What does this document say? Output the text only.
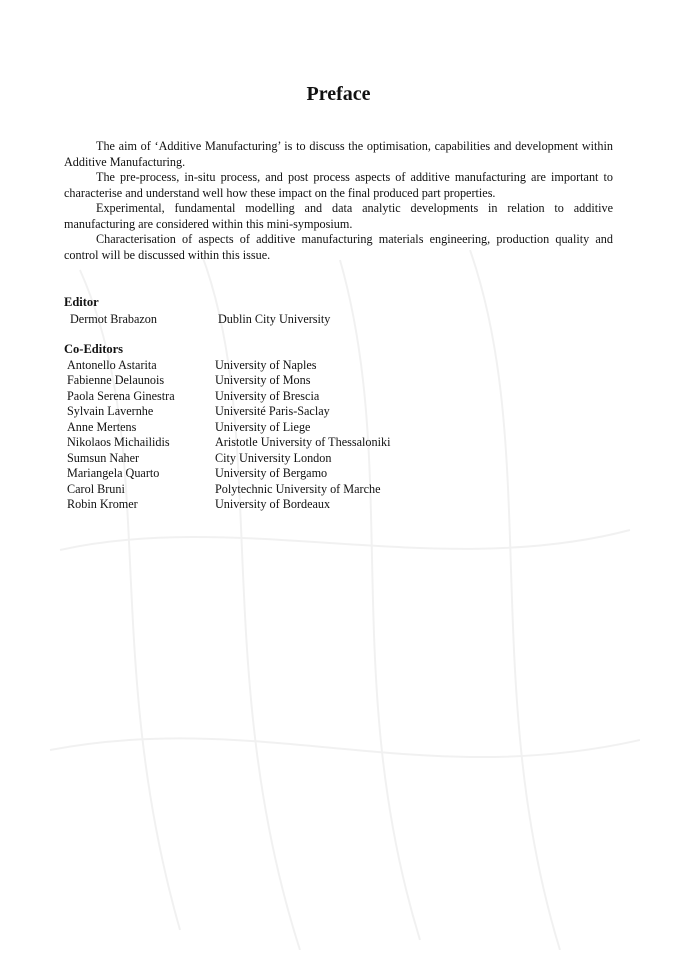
Preface

The aim of ‘Additive Manufacturing’ is to discuss the optimisation, capabilities and development within Additive Manufacturing.

The pre-process, in-situ process, and post process aspects of additive manufacturing are important to characterise and understand well how these impact on the final produced part properties.

Experimental, fundamental modelling and data analytic developments in relation to additive manufacturing are considered within this mini-symposium.

Characterisation of aspects of additive manufacturing materials engineering, production quality and control will be discussed within this issue.

Editor
Dermot Brabazon	Dublin City University
Co-Editors
Antonello Astarita	University of Naples
Fabienne Delaunois	University of Mons
Paola Serena Ginestra	University of Brescia
Sylvain Lavernhe	Université Paris-Saclay
Anne Mertens	University of Liege
Nikolaos Michailidis	Aristotle University of Thessaloniki
Sumsun Naher	City University London
Mariangela Quarto	University of Bergamo
Carol Bruni	Polytechnic University of Marche
Robin Kromer	University of Bordeaux
